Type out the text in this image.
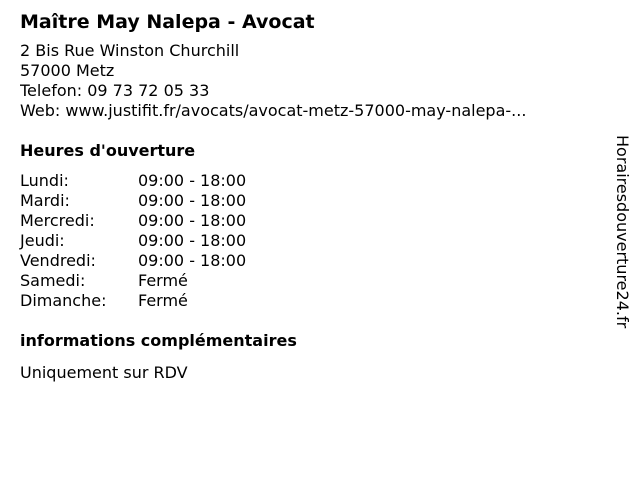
Maître May Nalepa - Avocat
2 Bis Rue Winston Churchill
57000 Metz
Telefon: 09 73 72 05 33
Web: www.justifit.fr/avocats/avocat-metz-57000-may-nalepa-...
Heures d'ouverture
Lundi:	09:00 - 18:00
Mardi:	09:00 - 18:00
Mercredi:	09:00 - 18:00
Jeudi:	09:00 - 18:00
Vendredi:	09:00 - 18:00
Samedi:	Fermé
Dimanche:	Fermé
informations complémentaires
Uniquement sur RDV
Horairesdouverture24.fr
